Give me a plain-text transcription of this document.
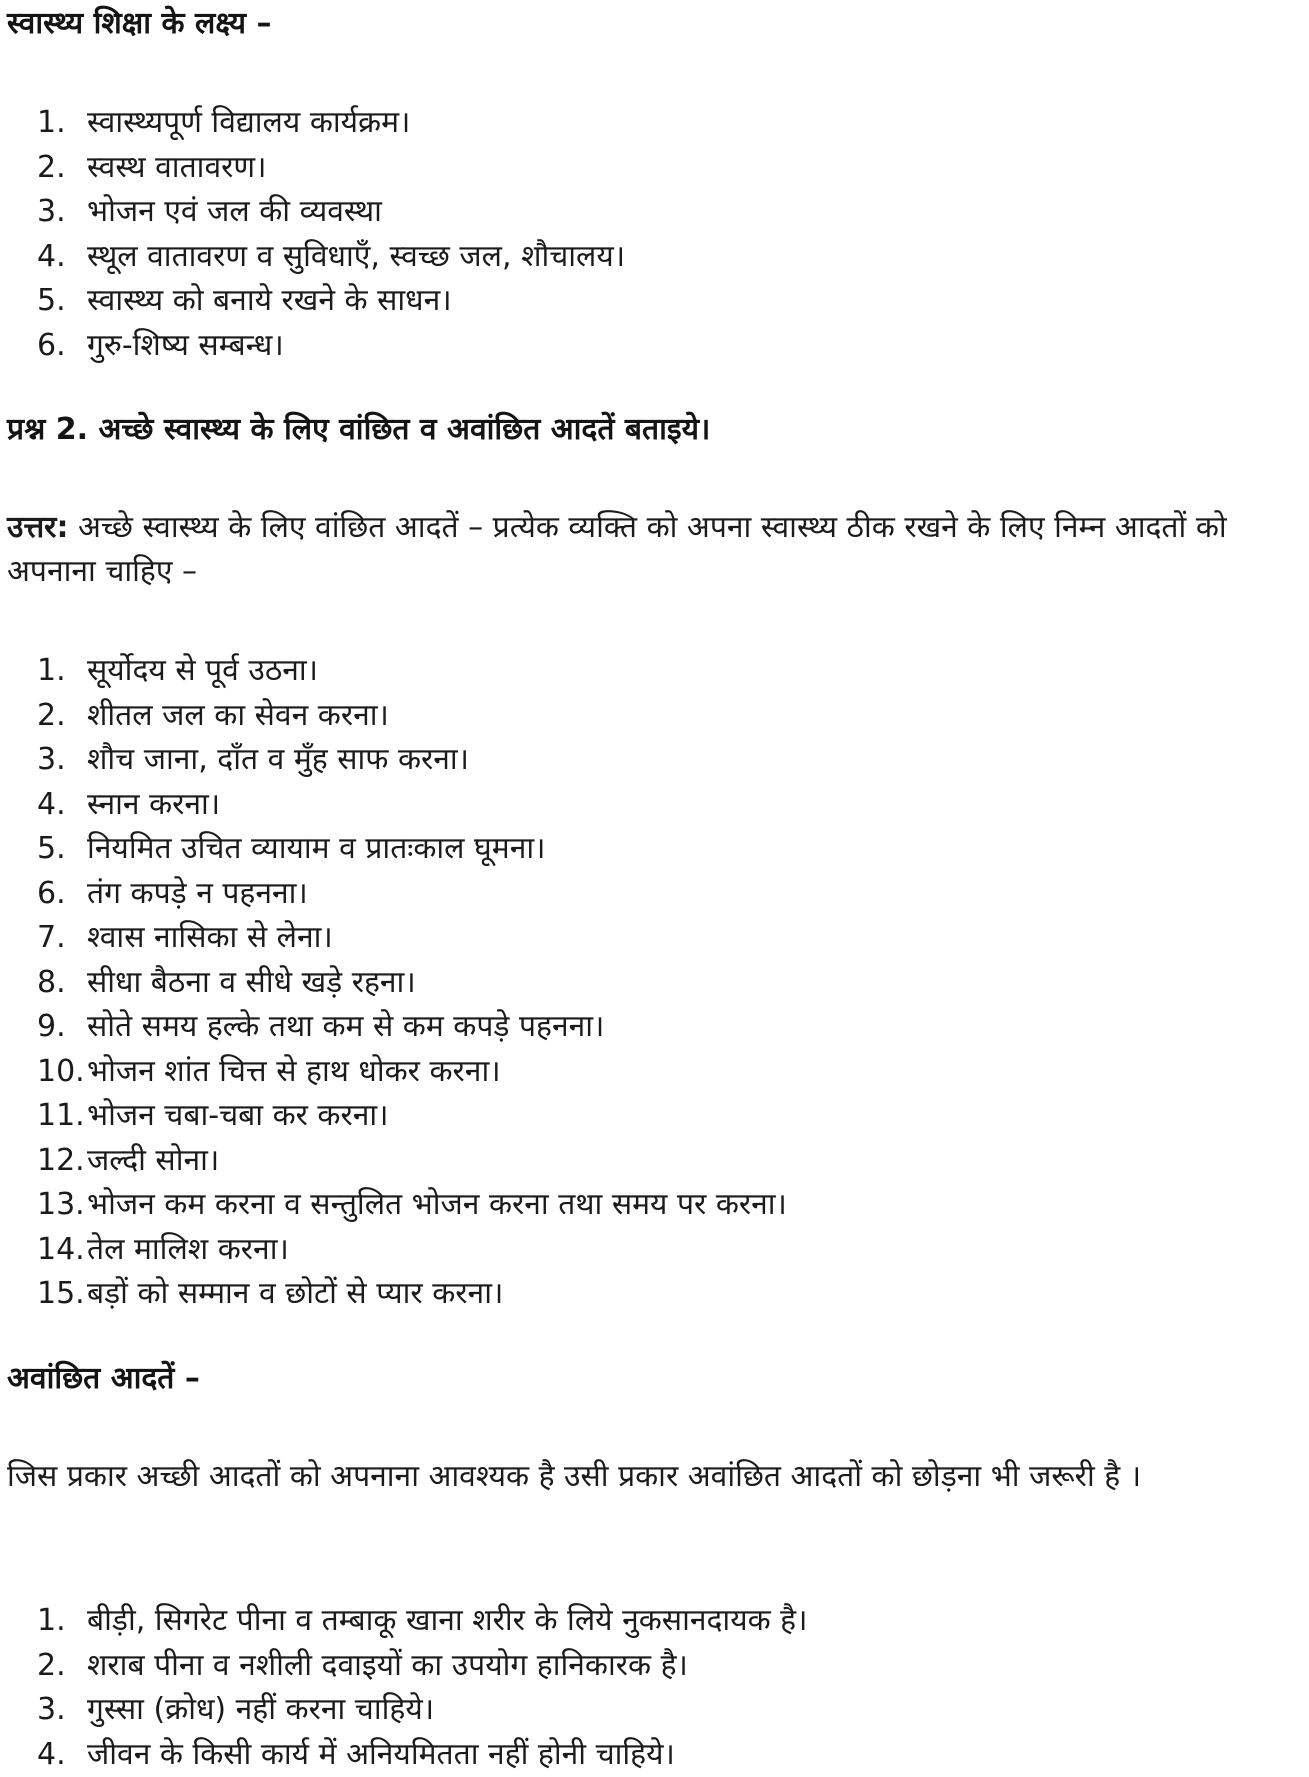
स्वास्थ्य शिक्षा के लक्ष्य –
1. स्वास्थ्यपूर्ण विद्यालय कार्यक्रम।
2. स्वस्थ वातावरण।
3. भोजन एवं जल की व्यवस्था
4. स्थूल वातावरण व सुविधाएँ, स्वच्छ जल, शौचालय।
5. स्वास्थ्य को बनाये रखने के साधन।
6. गुरु-शिष्य सम्बन्ध।
प्रश्न 2. अच्छे स्वास्थ्य के लिए वांछित व अवांछित आदतें बताइये।

उत्तर: अच्छे स्वास्थ्य के लिए वांछित आदतें – प्रत्येक व्यक्ति को अपना स्वास्थ्य ठीक रखने के लिए निम्न आदतों को अपनाना चाहिए –

1. सूर्योदय से पूर्व उठना।
2. शीतल जल का सेवन करना।
3. शौच जाना, दाँत व मुँह साफ करना।
4. स्नान करना।
5. नियमित उचित व्यायाम व प्रातःकाल घूमना।
6. तंग कपड़े न पहनना।
7. श्वास नासिका से लेना।
8. सीधा बैठना व सीधे खड़े रहना।
9. सोते समय हल्के तथा कम से कम कपड़े पहनना।
10. भोजन शांत चित्त से हाथ धोकर करना।
11. भोजन चबा-चबा कर करना।
12. जल्दी सोना।
13. भोजन कम करना व सन्तुलित भोजन करना तथा समय पर करना।
14. तेल मालिश करना।
15. बड़ों को सम्मान व छोटों से प्यार करना।
अवांछित आदतें –

जिस प्रकार अच्छी आदतों को अपनाना आवश्यक है उसी प्रकार अवांछित आदतों को छोड़ना भी जरूरी है ।

1. बीड़ी, सिगरेट पीना व तम्बाकू खाना शरीर के लिये नुकसानदायक है।
2. शराब पीना व नशीली दवाइयों का उपयोग हानिकारक है।
3. गुस्सा (क्रोध) नहीं करना चाहिये।
4. जीवन के किसी कार्य में अनियमितता नहीं होनी चाहिये।
